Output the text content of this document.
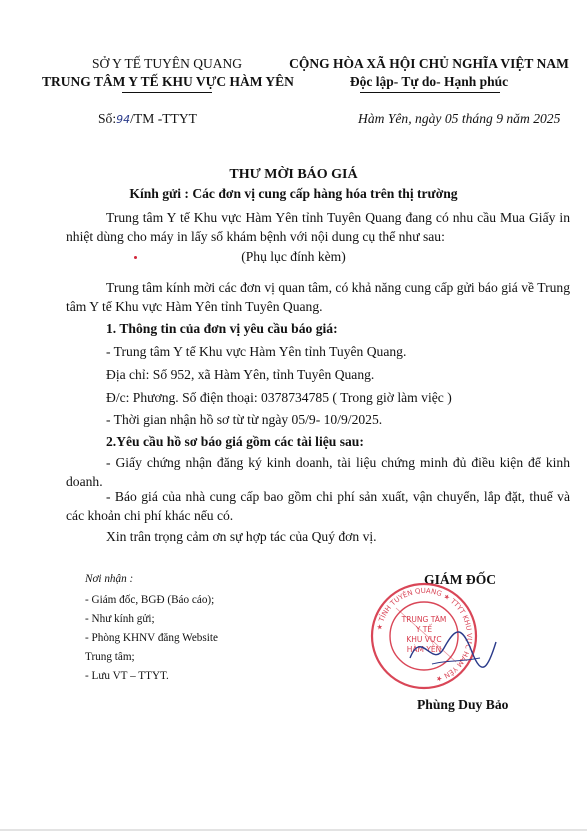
SỞ Y TẾ TUYÊN QUANG
TRUNG TÂM Y TẾ KHU VỰC HÀM YÊN
CỘNG HÒA XÃ HỘI CHỦ NGHĨA VIỆT NAM
Độc lập- Tự do- Hạnh phúc
Số:94/TM -TTYT	Hàm Yên, ngày 05 tháng 9 năm 2025
THƯ MỜI BÁO GIÁ
Kính gửi : Các đơn vị cung cấp hàng hóa trên thị trường
Trung tâm Y tế Khu vực Hàm Yên tỉnh Tuyên Quang đang có nhu cầu Mua Giấy in nhiệt dùng cho máy in lấy số khám bệnh với nội dung cụ thể như sau:
(Phụ lục đính kèm)
Trung tâm kính mời các đơn vị quan tâm, có khả năng cung cấp gửi báo giá về Trung tâm Y tế Khu vực Hàm Yên tỉnh Tuyên Quang.
1. Thông tin của đơn vị yêu cầu báo giá:
- Trung tâm Y tế Khu vực Hàm Yên tỉnh Tuyên Quang.
Địa chỉ: Số 952, xã Hàm Yên, tỉnh Tuyên Quang.
Đ/c: Phương. Số điện thoại: 0378734785 ( Trong giờ làm việc )
- Thời gian nhận hồ sơ từ từ ngày 05/9- 10/9/2025.
2.Yêu cầu hồ sơ báo giá gồm các tài liệu sau:
- Giấy chứng nhận đăng ký kinh doanh, tài liệu chứng minh đủ điều kiện để kinh doanh.
- Báo giá của nhà cung cấp bao gồm chi phí sản xuất, vận chuyển, lắp đặt, thuế và các khoản chi phí khác nếu có.
Xin trân trọng cảm ơn sự hợp tác của Quý đơn vị.
Nơi nhận :
- Giám đốc, BGĐ (Báo cáo);
- Như kính gửi;
- Phòng KHNV đăng Website
Trung tâm;
- Lưu VT – TTYT.
GIÁM ĐỐC
★ TỈNH TUYÊN QUANG ★ TTYT KHU VỰC HÀM YÊN ★
TRUNG TÂM
Y TẾ
KHU VỰC
HÀM YÊN
Phùng Duy Bảo
